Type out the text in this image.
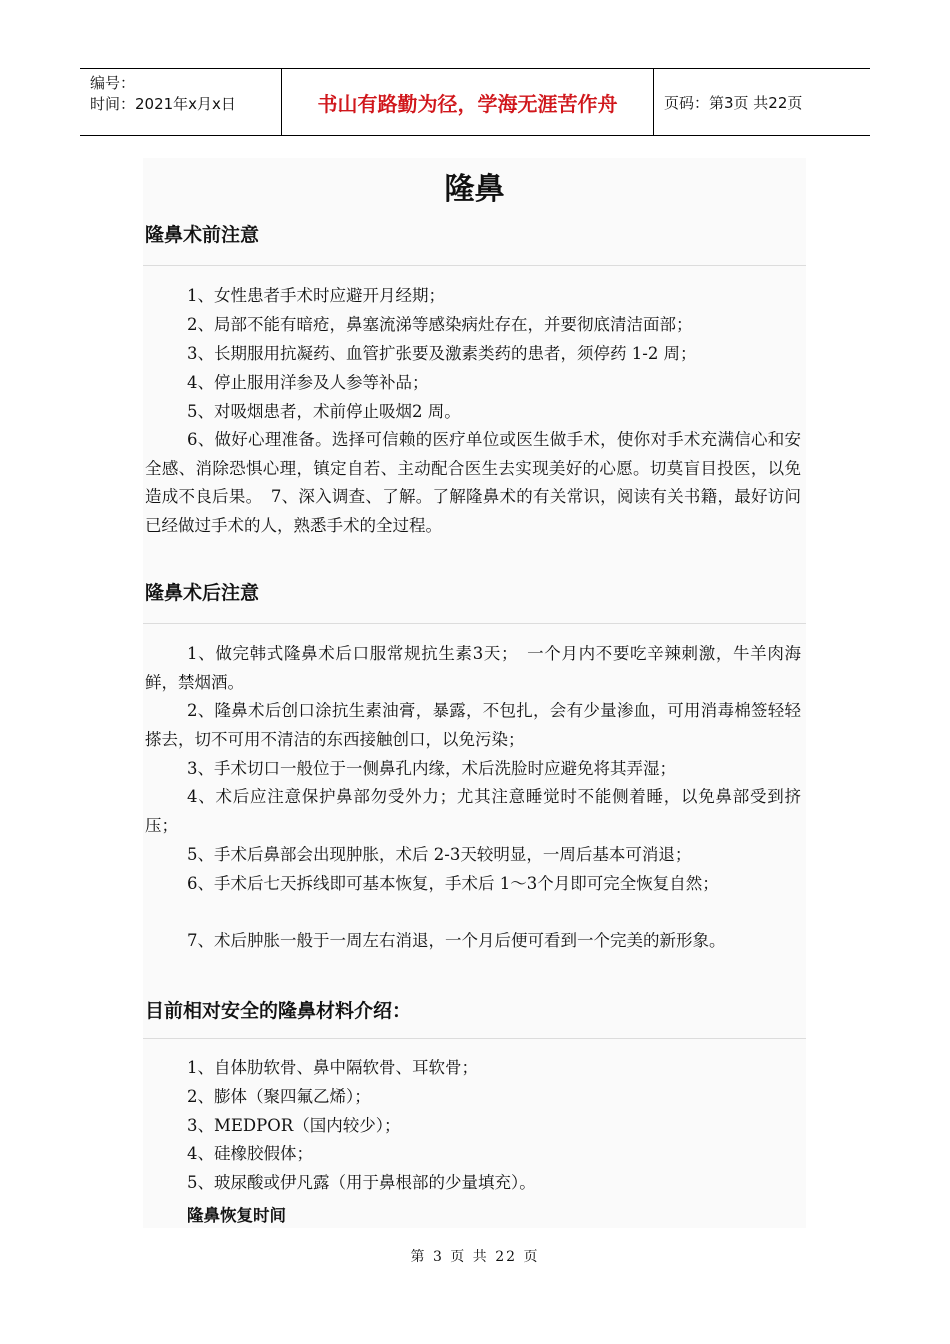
编号：
时间：2021年x月x日	书山有路勤为径，学海无涯苦作舟	页码：第3页 共22页
隆鼻
隆鼻术前注意

1、女性患者手术时应避开月经期；

2、局部不能有暗疮，鼻塞流涕等感染病灶存在，并要彻底清洁面部；

3、长期服用抗凝药、血管扩张要及激素类药的患者，须停药 1-2 周；

4、停止服用洋参及人参等补品；

5、对吸烟患者，术前停止吸烟2 周。

6、做好心理准备。选择可信赖的医疗单位或医生做手术，使你对手术充满信心和安全感、消除恐惧心理，镇定自若、主动配合医生去实现美好的心愿。切莫盲目投医，以免造成不良后果。　7、深入调查、了解。了解隆鼻术的有关常识，阅读有关书籍，最好访问已经做过手术的人，熟悉手术的全过程。

隆鼻术后注意

1、做完韩式隆鼻术后口服常规抗生素3天；　一个月内不要吃辛辣刺激，牛羊肉海鲜，禁烟酒。

2、隆鼻术后创口涂抗生素油膏，暴露，不包扎，会有少量渗血，可用消毒棉签轻轻搽去，切不可用不清洁的东西接触创口，以免污染；

3、手术切口一般位于一侧鼻孔内缘，术后洗脸时应避免将其弄湿；

4、术后应注意保护鼻部勿受外力；尤其注意睡觉时不能侧着睡，以免鼻部受到挤压；

5、手术后鼻部会出现肿胀，术后 2-3天较明显，一周后基本可消退；

6、手术后七天拆线即可基本恢复，手术后 1～3个月即可完全恢复自然；

7、术后肿胀一般于一周左右消退，一个月后便可看到一个完美的新形象。

目前相对安全的隆鼻材料介绍：

1、自体肋软骨、鼻中隔软骨、耳软骨；

2、膨体（聚四氟乙烯）；

3、MEDPOR（国内较少）；

4、硅橡胶假体；

5、玻尿酸或伊凡露（用于鼻根部的少量填充）。

隆鼻恢复时间
第 3 页 共 22 页
